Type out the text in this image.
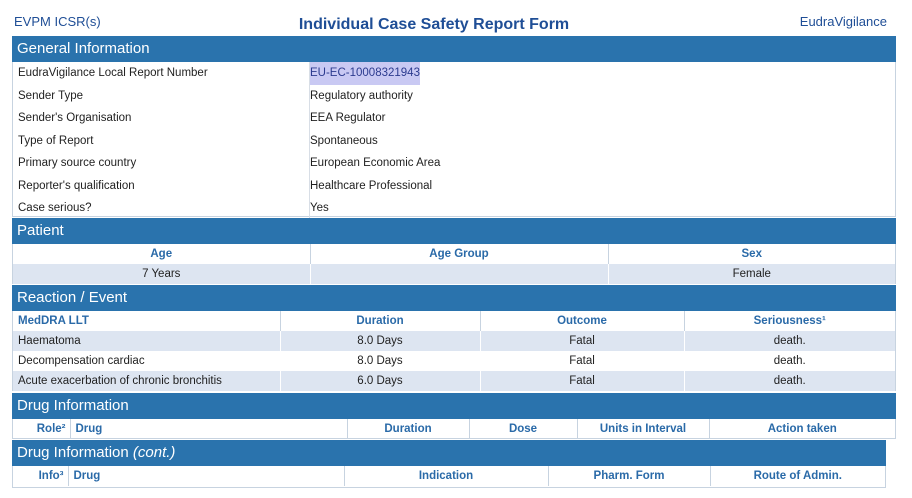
EVPM ICSR(s)	Individual Case Safety Report Form	EudraVigilance
General Information
EudraVigilance Local Report Number	EU-EC-10008321943
Sender Type	Regulatory authority
Sender's Organisation	EEA Regulator
Type of Report	Spontaneous
Primary source country	European Economic Area
Reporter's qualification	Healthcare Professional
Case serious?	Yes
Patient
Age	Age Group	Sex
7 Years		Female
Reaction / Event
MedDRA LLT	Duration	Outcome	Seriousness¹
Haematoma	8.0 Days	Fatal	death.
Decompensation cardiac	8.0 Days	Fatal	death.
Acute exacerbation of chronic bronchitis	6.0 Days	Fatal	death.
Drug Information
Role²	Drug	Duration	Dose	Units in Interval	Action taken
Drug Information (cont.)
Info³	Drug	Indication	Pharm. Form	Route of Admin.
